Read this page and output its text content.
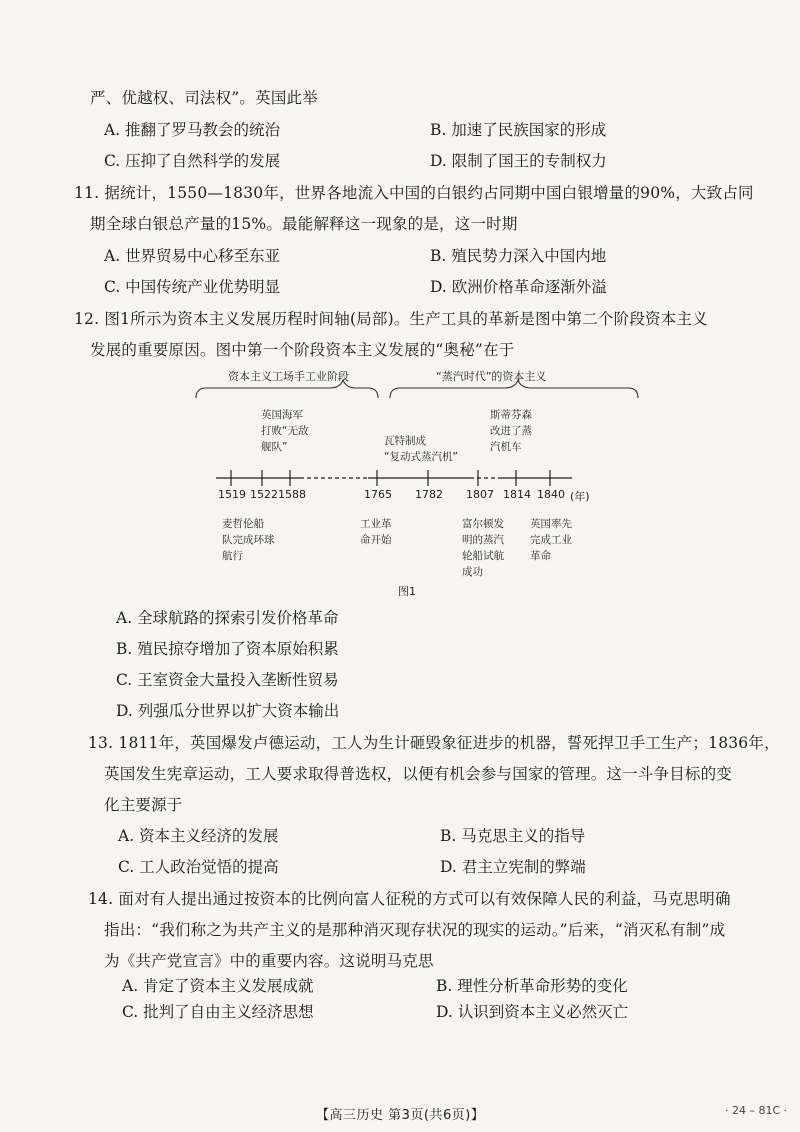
严、优越权、司法权”。英国此举
A. 推翻了罗马教会的统治	B. 加速了民族国家的形成
C. 压抑了自然科学的发展	D. 限制了国王的专制权力
11. 据统计，1550—1830年，世界各地流入中国的白银约占同期中国白银增量的90%，大致占同
期全球白银总产量的15%。最能解释这一现象的是，这一时期
A. 世界贸易中心移至东亚	B. 殖民势力深入中国内地
C. 中国传统产业优势明显	D. 欧洲价格革命逐渐外溢
12. 图1所示为资本主义发展历程时间轴(局部)。生产工具的革新是图中第二个阶段资本主义
发展的重要原因。图中第一个阶段资本主义发展的“奥秘”在于
资本主义工场手工业阶段	“蒸汽时代”的资本主义
英国海军
打败“无敌
舰队”	瓦特制成
“复动式蒸汽机”
斯蒂芬森
改进了蒸
汽机车
1519 1522 1588	1765 1782 1807 1814 1840 (年)
麦哲伦船
队完成环球
航行
工业革
命开始
富尔顿发
明的蒸汽
轮船试航
成功
英国率先
完成工业
革命
图1
A. 全球航路的探索引发价格革命
B. 殖民掠夺增加了资本原始积累
C. 王室资金大量投入垄断性贸易
D. 列强瓜分世界以扩大资本输出
13. 1811年，英国爆发卢德运动，工人为生计砸毁象征进步的机器，誓死捍卫手工生产；1836年，
英国发生宪章运动，工人要求取得普选权，以便有机会参与国家的管理。这一斗争目标的变
化主要源于
A. 资本主义经济的发展	B. 马克思主义的指导
C. 工人政治觉悟的提高	D. 君主立宪制的弊端
14. 面对有人提出通过按资本的比例向富人征税的方式可以有效保障人民的利益，马克思明确
指出：“我们称之为共产主义的是那种消灭现存状况的现实的运动。”后来，“消灭私有制”成
为《共产党宣言》中的重要内容。这说明马克思
A. 肯定了资本主义发展成就	B. 理性分析革命形势的变化
C. 批判了自由主义经济思想	D. 认识到资本主义必然灭亡
【高三历史 第3页(共6页)】	· 24 – 81C ·
